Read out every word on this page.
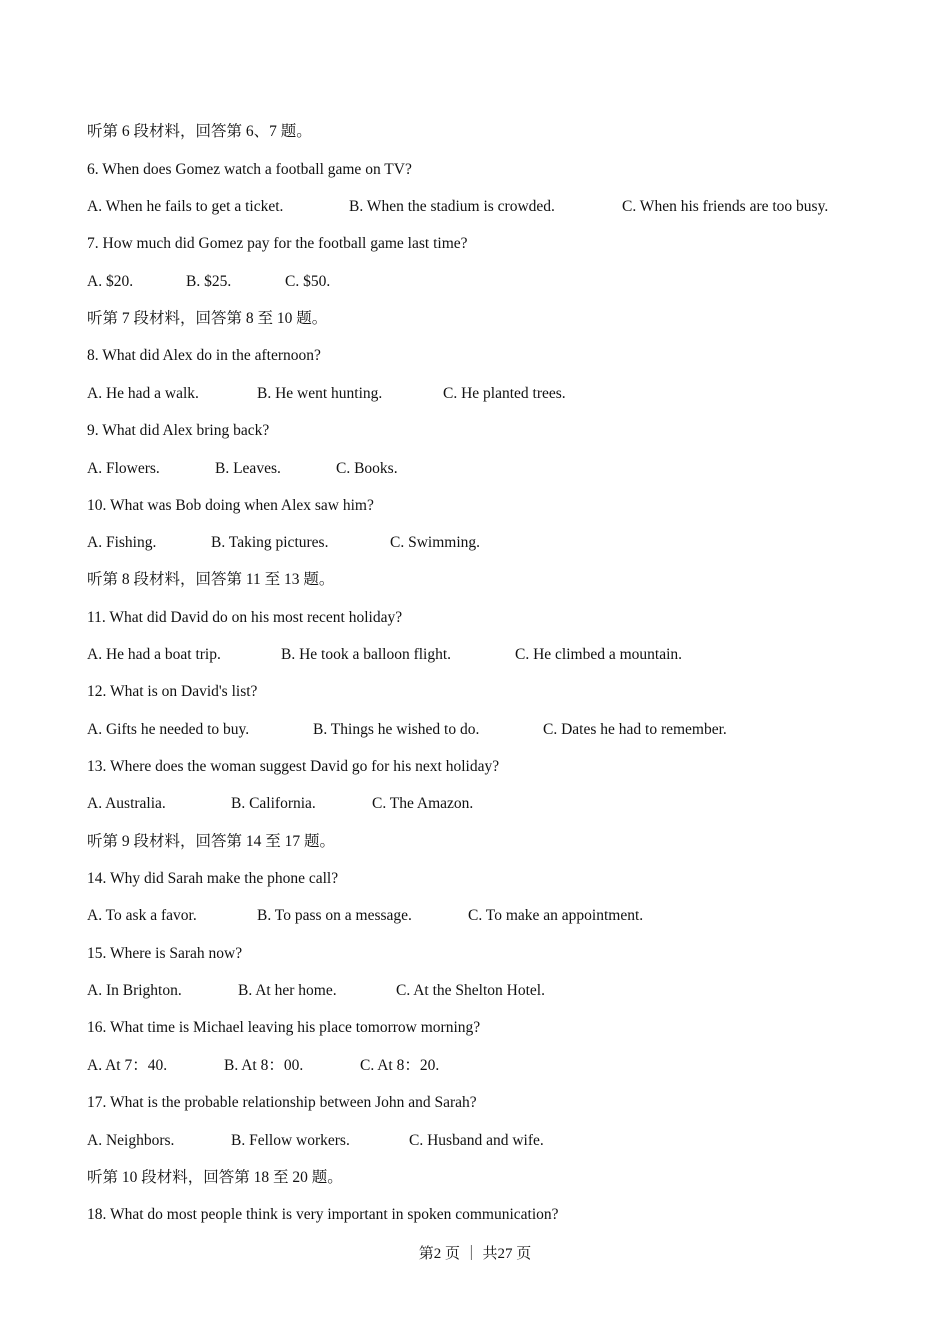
听第 6 段材料，回答第 6、7 题。
6. When does Gomez watch a football game on TV?
A. When he fails to get a ticket.	B. When the stadium is crowded.	C. When his friends are too busy.
7. How much did Gomez pay for the football game last time?
A. $20.	B. $25.	C. $50.
听第 7 段材料，回答第 8 至 10 题。
8. What did Alex do in the afternoon?
A. He had a walk.	B. He went hunting.	C. He planted trees.
9. What did Alex bring back?
A. Flowers.	B. Leaves.	C. Books.
10. What was Bob doing when Alex saw him?
A. Fishing.	B. Taking pictures.	C. Swimming.
听第 8 段材料，回答第 11 至 13 题。
11. What did David do on his most recent holiday?
A. He had a boat trip.	B. He took a balloon flight.	C. He climbed a mountain.
12. What is on David's list?
A. Gifts he needed to buy.	B. Things he wished to do.	C. Dates he had to remember.
13. Where does the woman suggest David go for his next holiday?
A. Australia.	B. California.	C. The Amazon.
听第 9 段材料，回答第 14 至 17 题。
14. Why did Sarah make the phone call?
A. To ask a favor.	B. To pass on a message.	C. To make an appointment.
15. Where is Sarah now?
A. In Brighton.	B. At her home.	C. At the Shelton Hotel.
16. What time is Michael leaving his place tomorrow morning?
A. At 7：40.	B. At 8：00.	C. At 8：20.
17. What is the probable relationship between John and Sarah?
A. Neighbors.	B. Fellow workers.	C. Husband and wife.
听第 10 段材料，回答第 18 至 20 题。
18. What do most people think is very important in spoken communication?
第2 页 ｜ 共27 页
